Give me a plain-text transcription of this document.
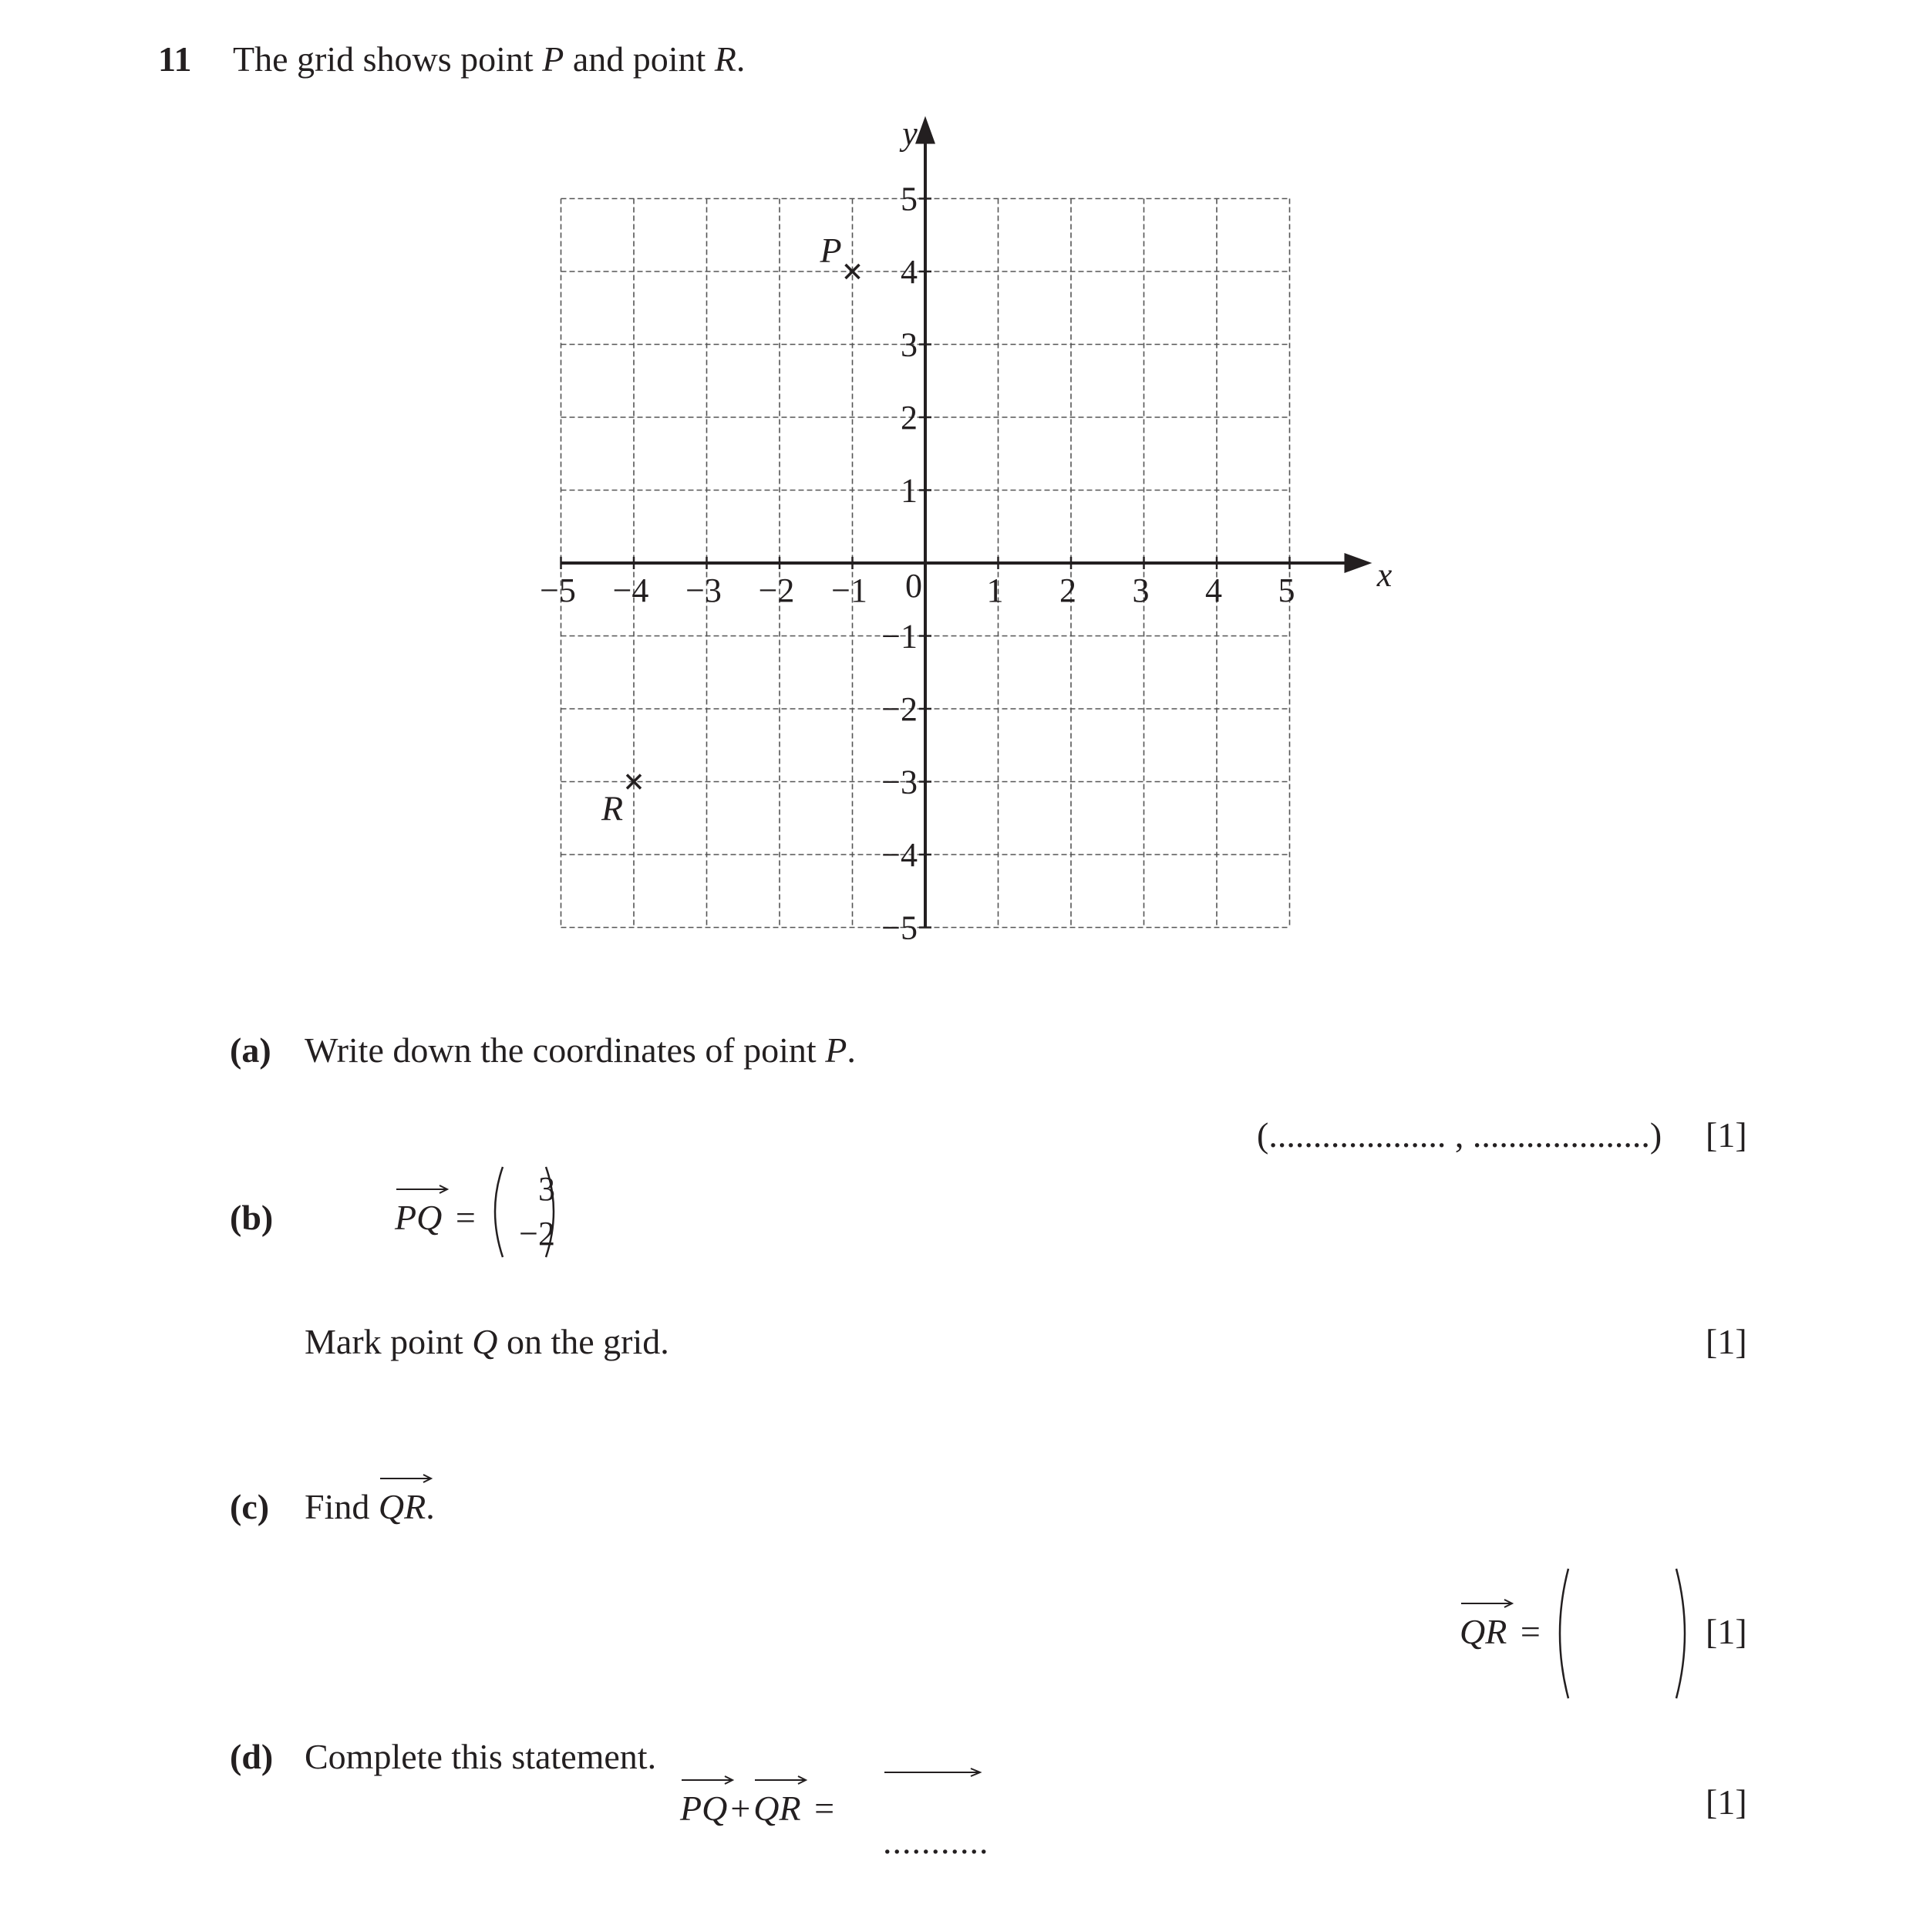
11 The grid shows point P and point R.
−5 −4 −3 −2 −1	1 2 3 4 5
5
4
3
2
1
−1
−2
−3
−4
−5
0	x
y
P
R
(a) Write down the coordinates of point P.
(.................... , ....................) [1]
(b)	PQ =
3
−2
Mark point Q on the grid.	[1]
(c) Find
QR.
QR =	[1]
(d) Complete this statement.
PQ+
QR =
...........
[1]
